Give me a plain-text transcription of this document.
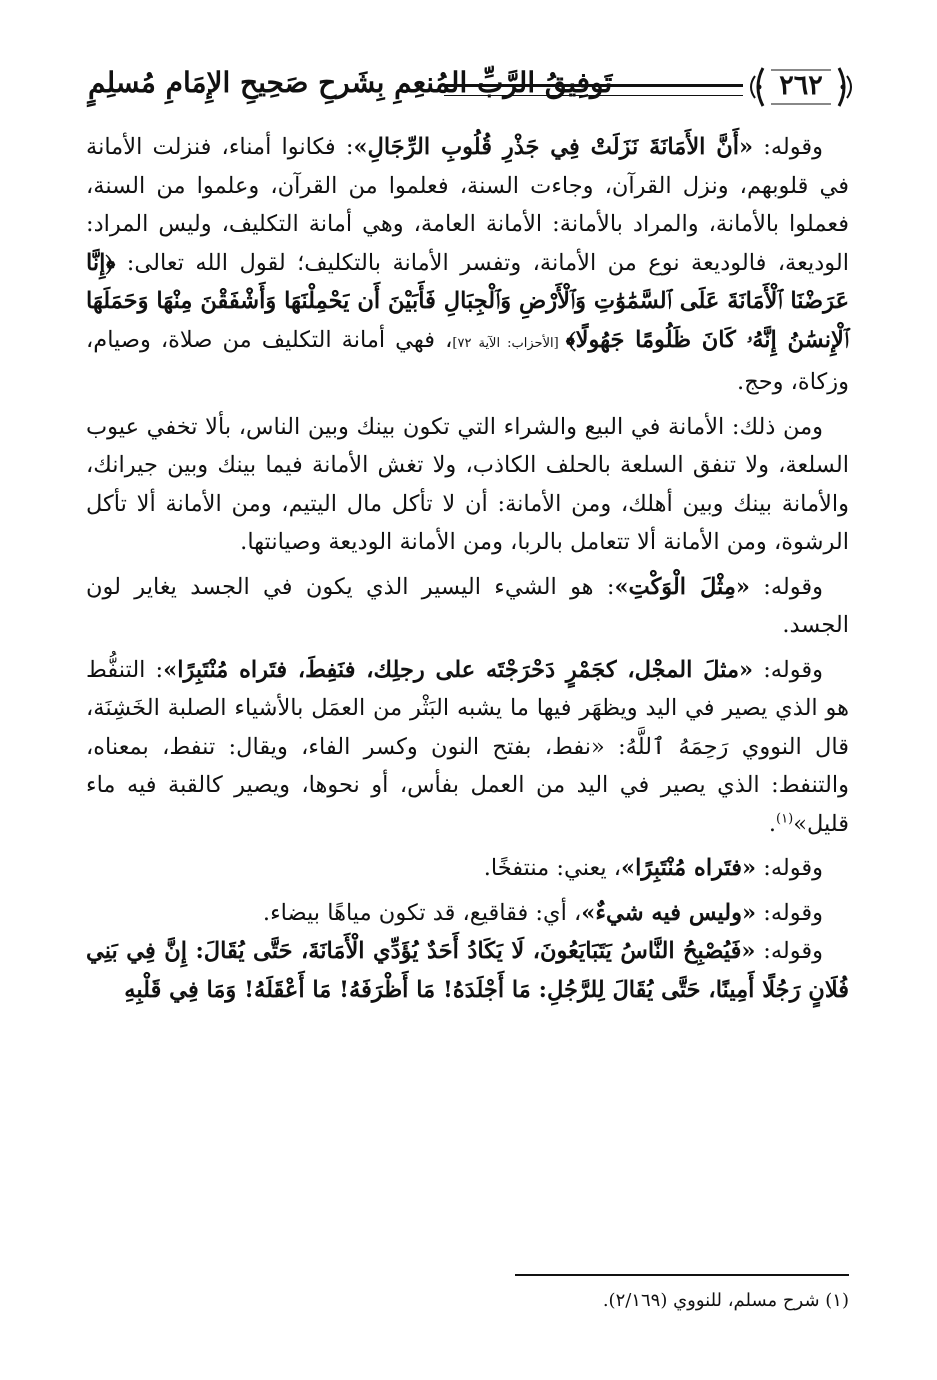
تَوفِيقُ الرَّبِّ المُنعِمِ بِشَرحِ صَحِيحِ الإِمَامِ مُسلِمٍ	٢٦٢

وقوله: «أَنَّ الأَمَانَةَ نَزَلَتْ فِي جَذْرِ قُلُوبِ الرِّجَالِ»: فكانوا أمناء، فنزلت الأمانة في قلوبهم، ونزل القرآن، وجاءت السنة، فعلموا من القرآن، وعلموا من السنة، فعملوا بالأمانة، والمراد بالأمانة: الأمانة العامة، وهي أمانة التكليف، وليس المراد: الوديعة، فالوديعة نوع من الأمانة، وتفسر الأمانة بالتكليف؛ لقول الله تعالى: ﴿إِنَّا عَرَضْنَا ٱلْأَمَانَةَ عَلَى ٱلسَّمَٰوَٰتِ وَٱلْأَرْضِ وَٱلْجِبَالِ فَأَبَيْنَ أَن يَحْمِلْنَهَا وَأَشْفَقْنَ مِنْهَا وَحَمَلَهَا ٱلْإِنسَٰنُ إِنَّهُۥ كَانَ ظَلُومًا جَهُولًا﴾ [الأحزاب: الآية ٧٢]، فهي أمانة التكليف من صلاة، وصيام، وزكاة، وحج.

ومن ذلك: الأمانة في البيع والشراء التي تكون بينك وبين الناس، بألا تخفي عيوب السلعة، ولا تنفق السلعة بالحلف الكاذب، ولا تغش الأمانة فيما بينك وبين جيرانك، والأمانة بينك وبين أهلك، ومن الأمانة: أن لا تأكل مال اليتيم، ومن الأمانة ألا تأكل الرشوة، ومن الأمانة ألا تتعامل بالربا، ومن الأمانة الوديعة وصيانتها.

وقوله: «مِثْلَ الْوَكْتِ»: هو الشيء اليسير الذي يكون في الجسد يغاير لون الجسد.

وقوله: «مثلَ المجْل، كجَمْرٍ دَحْرَجْتَه على رجلِك، فنَفِطَ، فتَراه مُنْتَبِرًا»: التنفُّط هو الذي يصير في اليد ويظهَر فيها ما يشبه البَثْر من العمَل بالأشياء الصلبة الخَشِنَة، قال النووي رَحِمَهُ ٱللَّهُ: «نفط، بفتح النون وكسر الفاء، ويقال: تنفط، بمعناه، والتنفط: الذي يصير في اليد من العمل بفأس، أو نحوها، ويصير كالقبة فيه ماء قليل»$^{(١)}$.

وقوله: «فتَراه مُنْتَبِرًا»، يعني: منتفخًا.

وقوله: «وليس فيه شيءٌ»، أي: فقاقيع، قد تكون مياهًا بيضاء.

وقوله: «فَيُصْبِحُ النَّاسُ يَتَبَايَعُونَ، لَا يَكَادُ أَحَدٌ يُؤَدِّي الْأَمَانَةَ، حَتَّى يُقَالَ: إِنَّ فِي بَنِي فُلَانٍ رَجُلًا أَمِينًا، حَتَّى يُقَالَ لِلرَّجُلِ: مَا أَجْلَدَهُ! مَا أَظْرَفَهُ! مَا أَعْقَلَهُ! وَمَا فِي قَلْبِهِ

(١) شرح مسلم، للنووي (٢/١٦٩).
